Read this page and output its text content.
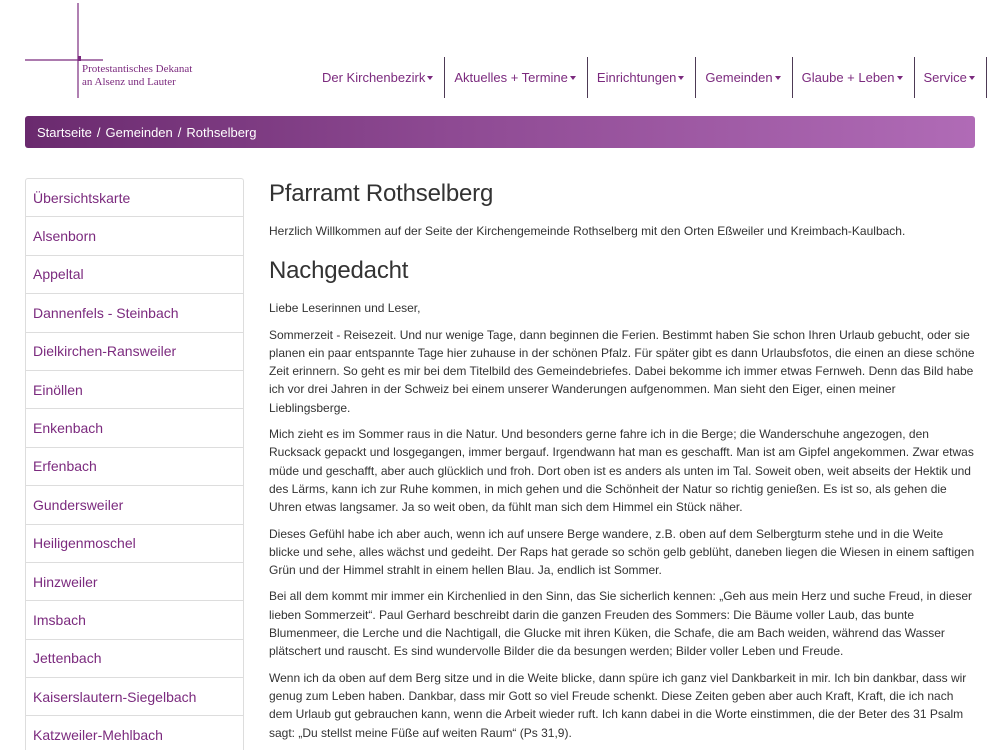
Protestantisches Dekanat
an Alsenz und Lauter	Der Kirchenbezirk Aktuelles + Termine Einrichtungen Gemeinden Glaube + Leben Service
Startseite / Gemeinden / Rothselberg
Übersichtskarte
Alsenborn
Appeltal
Dannenfels - Steinbach
Dielkirchen-Ransweiler
Einöllen
Enkenbach
Erfenbach
Gundersweiler
Heiligenmoschel
Hinzweiler
Imsbach
Jettenbach
Kaiserslautern-Siegelbach
Katzweiler-Mehlbach
Pfarramt Rothselberg

Herzlich Willkommen auf der Seite der Kirchengemeinde Rothselberg mit den Orten Eßweiler und Kreimbach-Kaulbach.

Nachgedacht

Liebe Leserinnen und Leser,

Sommerzeit - Reisezeit. Und nur wenige Tage, dann beginnen die Ferien. Bestimmt haben Sie schon Ihren Urlaub gebucht, oder sie planen ein paar entspannte Tage hier zuhause in der schönen Pfalz. Für später gibt es dann Urlaubsfotos, die einen an diese schöne Zeit erinnern. So geht es mir bei dem Titelbild des Gemeindebriefes. Dabei bekomme ich immer etwas Fernweh. Denn das Bild habe ich vor drei Jahren in der Schweiz bei einem unserer Wanderungen aufgenommen. Man sieht den Eiger, einen meiner Lieblingsberge.

Mich zieht es im Sommer raus in die Natur. Und besonders gerne fahre ich in die Berge; die Wanderschuhe angezogen, den Rucksack gepackt und losgegangen, immer bergauf. Irgendwann hat man es geschafft. Man ist am Gipfel angekommen. Zwar etwas müde und geschafft, aber auch glücklich und froh. Dort oben ist es anders als unten im Tal. Soweit oben, weit abseits der Hektik und des Lärms, kann ich zur Ruhe kommen, in mich gehen und die Schönheit der Natur so richtig genießen. Es ist so, als gehen die Uhren etwas langsamer. Ja so weit oben, da fühlt man sich dem Himmel ein Stück näher.

Dieses Gefühl habe ich aber auch, wenn ich auf unsere Berge wandere, z.B. oben auf dem Selbergturm stehe und in die Weite blicke und sehe, alles wächst und gedeiht. Der Raps hat gerade so schön gelb geblüht, daneben liegen die Wiesen in einem saftigen Grün und der Himmel strahlt in einem hellen Blau. Ja, endlich ist Sommer.

Bei all dem kommt mir immer ein Kirchenlied in den Sinn, das Sie sicherlich kennen: „Geh aus mein Herz und suche Freud, in dieser lieben Sommerzeit“. Paul Gerhard beschreibt darin die ganzen Freuden des Sommers: Die Bäume voller Laub, das bunte Blumenmeer, die Lerche und die Nachtigall, die Glucke mit ihren Küken, die Schafe, die am Bach weiden, während das Wasser plätschert und rauscht. Es sind wundervolle Bilder die da besungen werden; Bilder voller Leben und Freude.

Wenn ich da oben auf dem Berg sitze und in die Weite blicke, dann spüre ich ganz viel Dankbarkeit in mir. Ich bin dankbar, dass wir genug zum Leben haben. Dankbar, dass mir Gott so viel Freude schenkt. Diese Zeiten geben aber auch Kraft, Kraft, die ich nach dem Urlaub gut gebrauchen kann, wenn die Arbeit wieder ruft. Ich kann dabei in die Worte einstimmen, die der Beter des 31 Psalm sagt: „Du stellst meine Füße auf weiten Raum“ (Ps 31,9).
